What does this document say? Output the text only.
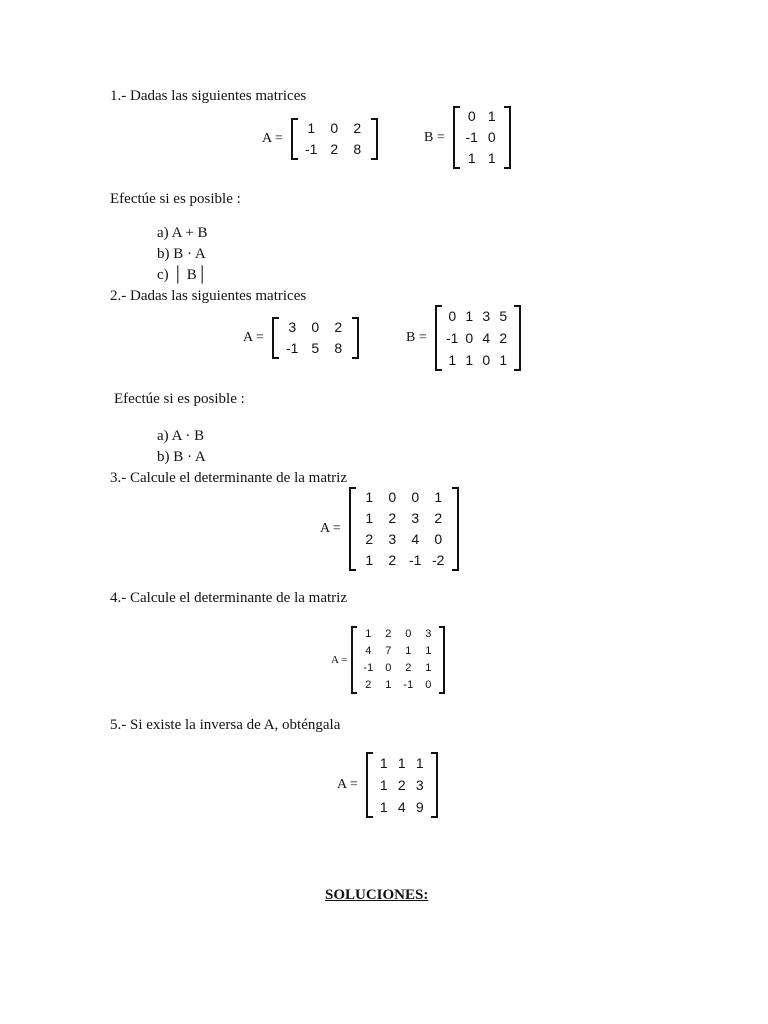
1.- Dadas las siguientes matrices
A =
1 0 2
-1 2 8
B =
0 1
-1 0
1 1
Efectúe si es posible :
a) A + B
b) B · A
c) │ B│
2.- Dadas las siguientes matrices
A =
3 0 2
-1 5 8
B =
0 1 3 5
-1 0 4 2
1 1 0 1
Efectúe si es posible :
a) A · B
b) B · A
3.- Calcule el determinante de la matriz
A =
1 0 0 1
1 2 3 2
2 3 4 0
1 2 -1 -2
4.- Calcule el determinante de la matriz
A =
1 2 0 3
4 7 1 1
-1 0 2 1
2 1 -1 0
5.- Si existe la inversa de A, obténgala
A =
1 1 1
1 2 3
1 4 9
SOLUCIONES:
